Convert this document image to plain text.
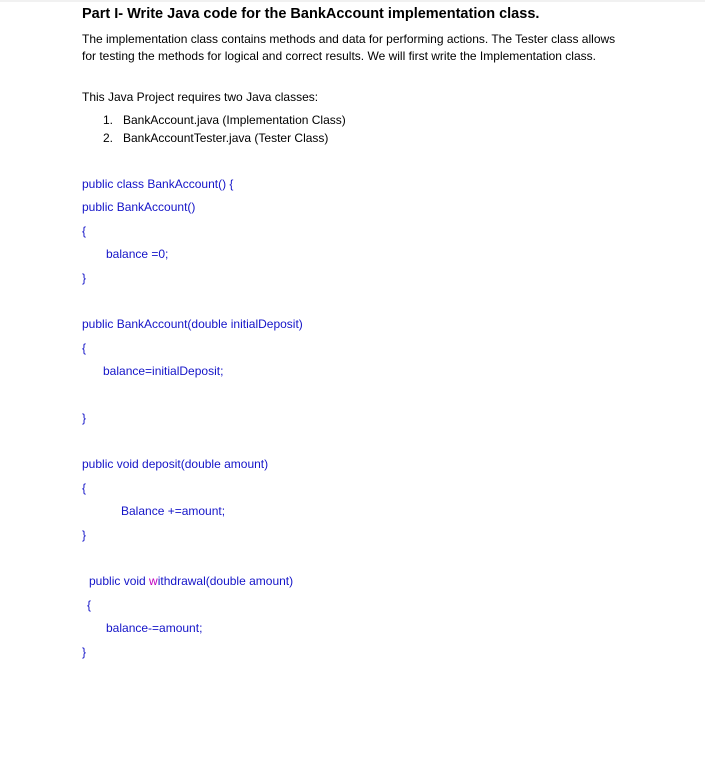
Part I- Write Java code for the BankAccount implementation class.
The implementation class contains methods and data for performing actions. The Tester class allows for testing the methods for logical and correct results. We will first write the Implementation class.
This Java Project requires two Java classes:
1. BankAccount.java (Implementation Class)
2. BankAccountTester.java (Tester Class)
public class BankAccount() {
public BankAccount()
{
balance =0;
}
public BankAccount(double initialDeposit)
{
balance=initialDeposit;
}
public void deposit(double amount)
{
Balance +=amount;
}
public void withdrawal(double amount)
{
balance-=amount;
}
